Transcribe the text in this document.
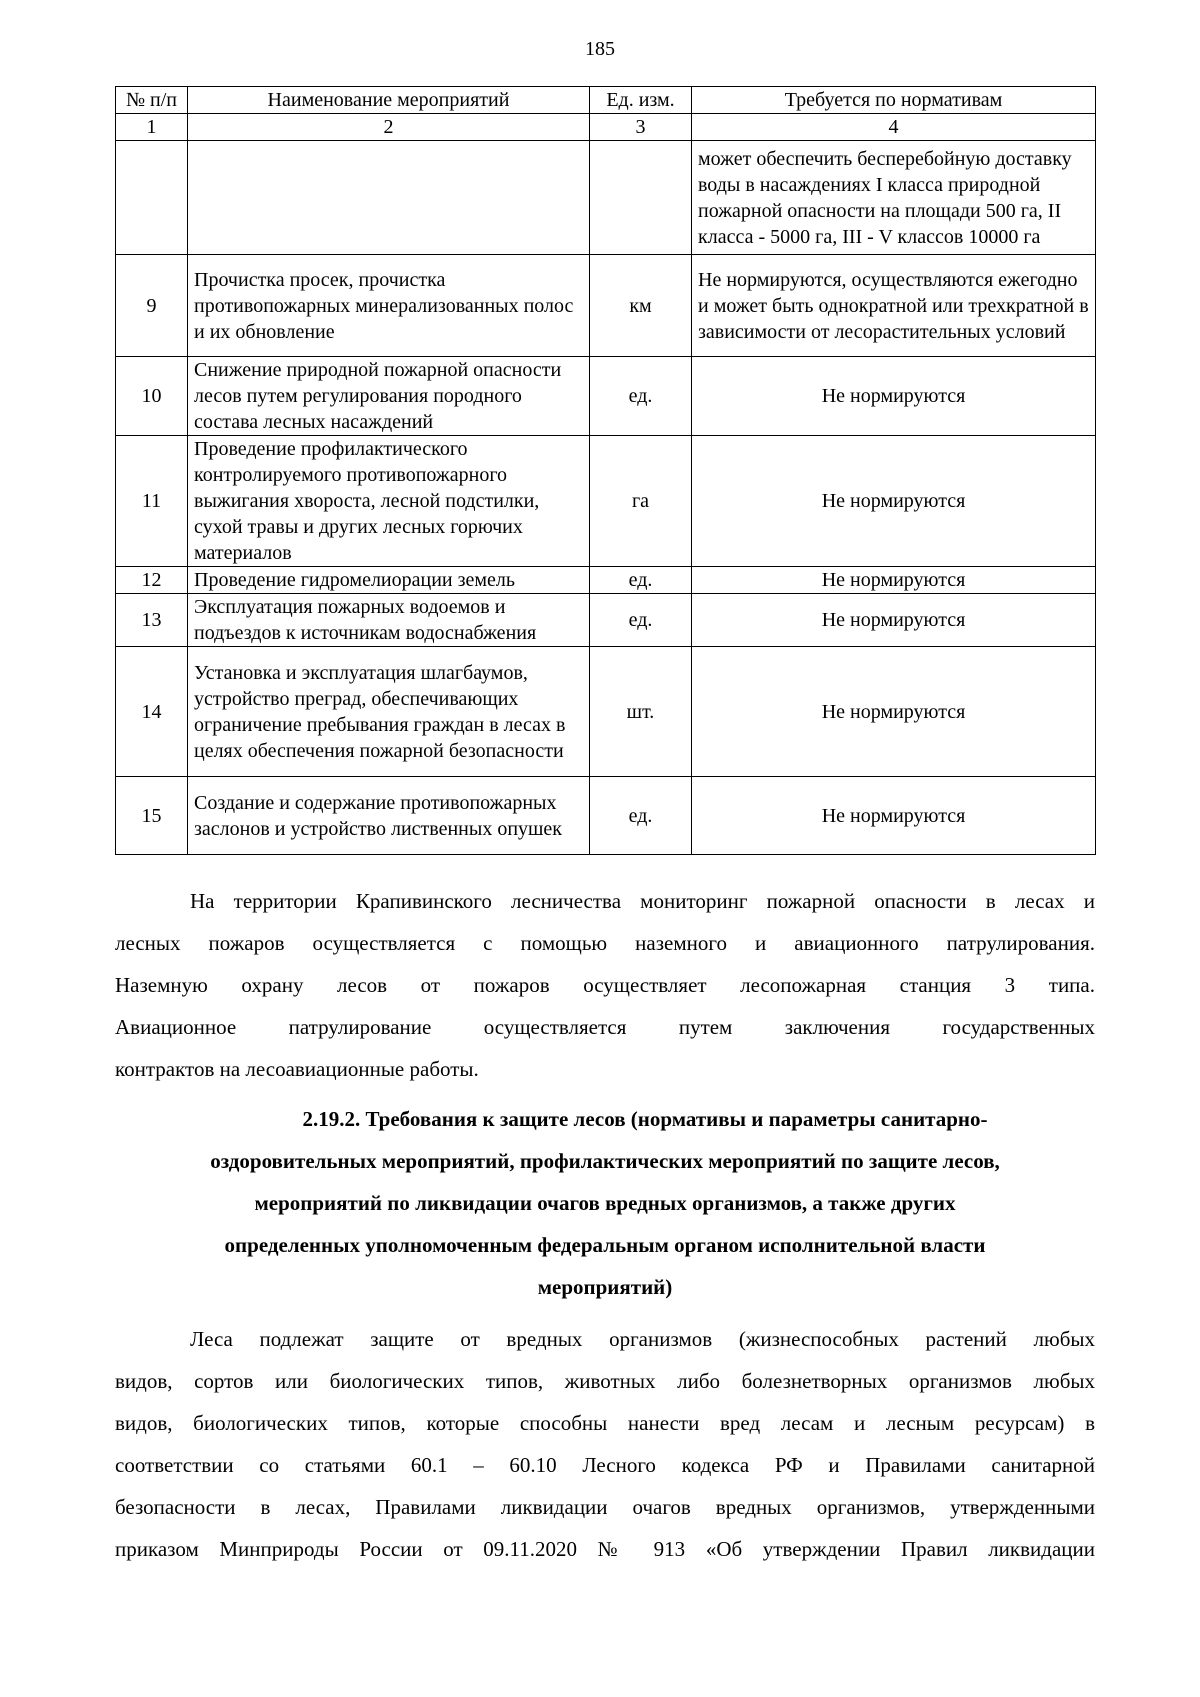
185
№ п/п	Наименование мероприятий	Ед. изм.	Требуется по нормативам
1	2	3	4
			может обеспечить бесперебойную доставку воды в насаждениях I класса природной пожарной опасности на площади 500 га, II класса - 5000 га, III - V классов 10000 га
9	Прочистка просек, прочистка противопожарных минерализованных полос и их обновление	км	Не нормируются, осуществляются ежегодно и может быть однократной или трехкратной в зависимости от лесорастительных условий
10	Снижение природной пожарной опасности лесов путем регулирования породного состава лесных насаждений	ед.	Не нормируются
11	Проведение профилактического контролируемого противопожарного выжигания хвороста, лесной подстилки, сухой травы и других лесных горючих материалов	га	Не нормируются
12	Проведение гидромелиорации земель	ед.	Не нормируются
13	Эксплуатация пожарных водоемов и подъездов к источникам водоснабжения	ед.	Не нормируются
14	Установка и эксплуатация шлагбаумов, устройство преград, обеспечивающих ограничение пребывания граждан в лесах в целях обеспечения пожарной безопасности	шт.	Не нормируются
15	Создание и содержание противопожарных заслонов и устройство лиственных опушек	ед.	Не нормируются
На территории Крапивинского лесничества мониторинг пожарной опасности в лесах и
лесных пожаров осуществляется с помощью наземного и авиационного патрулирования.
Наземную охрану лесов от пожаров осуществляет лесопожарная станция 3 типа.
Авиационное патрулирование осуществляется путем заключения государственных
контрактов на лесоавиационные работы.
2.19.2. Требования к защите лесов (нормативы и параметры санитарно-
оздоровительных мероприятий, профилактических мероприятий по защите лесов,
мероприятий по ликвидации очагов вредных организмов, а также других
определенных уполномоченным федеральным органом исполнительной власти
мероприятий)
Леса подлежат защите от вредных организмов (жизнеспособных растений любых
видов, сортов или биологических типов, животных либо болезнетворных организмов любых
видов, биологических типов, которые способны нанести вред лесам и лесным ресурсам) в
соответствии со статьями 60.1 – 60.10 Лесного кодекса РФ и Правилами санитарной
безопасности в лесах, Правилами ликвидации очагов вредных организмов, утвержденными
приказом Минприроды России от 09.11.2020 № 913 «Об утверждении Правил ликвидации
